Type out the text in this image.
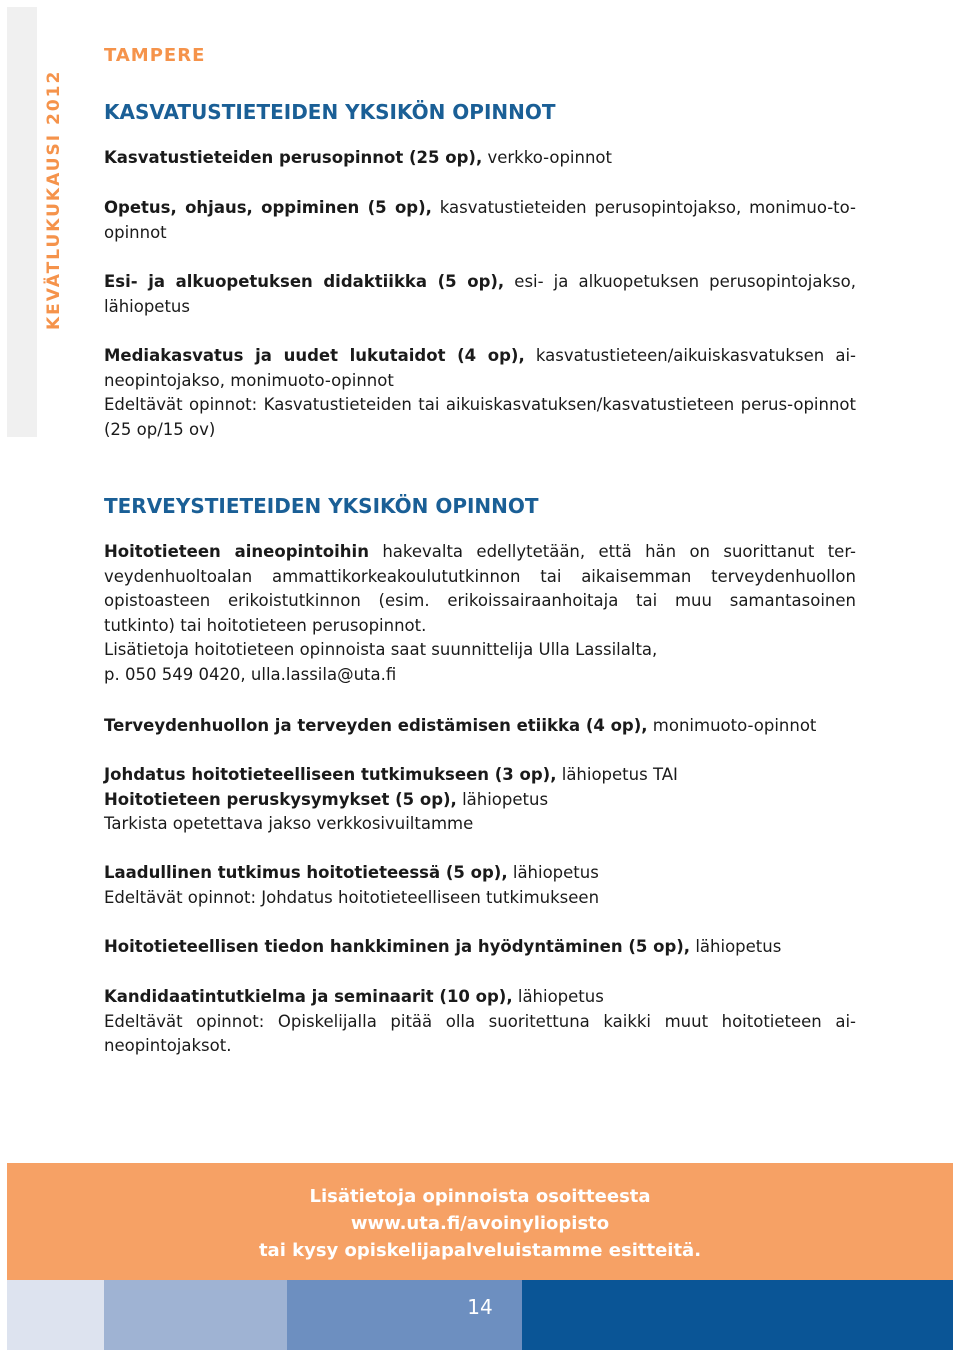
KEVÄTLUKUKAUSI 2012
TAMPERE
KASVATUSTIETEIDEN YKSIKÖN OPINNOT

Kasvatustieteiden perusopinnot (25 op), verkko-opinnot

Opetus, ohjaus, oppiminen (5 op), kasvatustieteiden perusopintojakso, monimuo-to-opinnot

Esi- ja alkuopetuksen didaktiikka (5 op), esi- ja alkuopetuksen perusopintojakso, lähiopetus

Mediakasvatus ja uudet lukutaidot (4 op), kasvatustieteen/aikuiskasvatuksen ai-neopintojakso, monimuoto-opinnot

Edeltävät opinnot: Kasvatustieteiden tai aikuiskasvatuksen/kasvatustieteen perus-opinnot (25 op/15 ov)

TERVEYSTIETEIDEN YKSIKÖN OPINNOT

Hoitotieteen aineopintoihin hakevalta edellytetään, että hän on suorittanut ter-veydenhuoltoalan ammattikorkeakoulututkinnon tai aikaisemman terveydenhuollon opistoasteen erikoistutkinnon (esim. erikoissairaanhoitaja tai muu samantasoinen tutkinto) tai hoitotieteen perusopinnot.

Lisätietoja hoitotieteen opinnoista saat suunnittelija Ulla Lassilalta,

p. 050 549 0420, ulla.lassila@uta.fi

Terveydenhuollon ja terveyden edistämisen etiikka (4 op), monimuoto-opinnot

Johdatus hoitotieteelliseen tutkimukseen (3 op), lähiopetus TAI

Hoitotieteen peruskysymykset (5 op), lähiopetus

Tarkista opetettava jakso verkkosivuiltamme

Laadullinen tutkimus hoitotieteessä (5 op), lähiopetus

Edeltävät opinnot: Johdatus hoitotieteelliseen tutkimukseen

Hoitotieteellisen tiedon hankkiminen ja hyödyntäminen (5 op), lähiopetus

Kandidaatintutkielma ja seminaarit (10 op), lähiopetus

Edeltävät opinnot: Opiskelijalla pitää olla suoritettuna kaikki muut hoitotieteen ai-neopintojaksot.

Lisätietoja opinnoista osoitteesta
www.uta.fi/avoinyliopisto
tai kysy opiskelijapalveluistamme esitteitä.
14
